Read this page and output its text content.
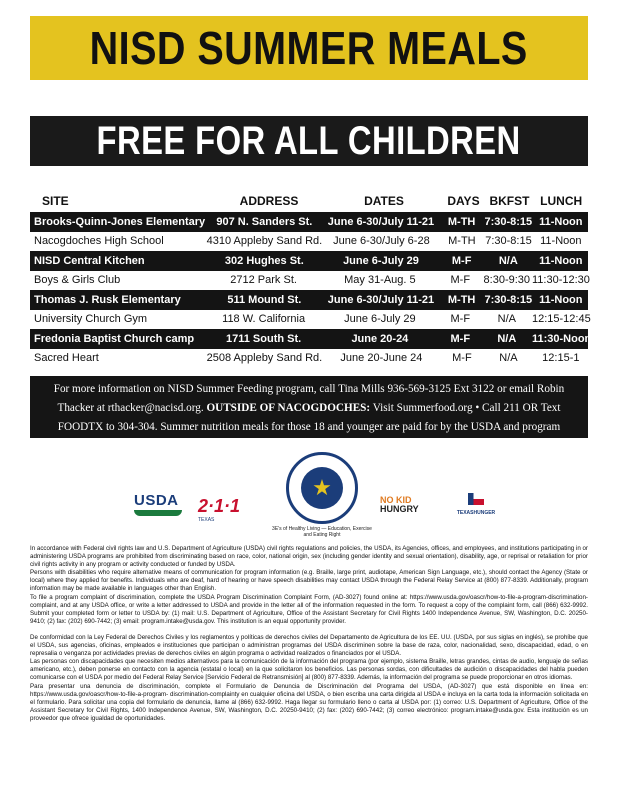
NISD SUMMER MEALS
FREE FOR ALL CHILDREN
SITE	ADDRESS	DATES	DAYS BKFST LUNCH
Brooks-Quinn-Jones Elementary	907 N. Sanders St.	June 6-30/July 11-21	M-TH 7:30-8:15 11-Noon
Nacogdoches High School	4310 Appleby Sand Rd. June 6-30/July 6-28	M-TH 7:30-8:15 11-Noon
NISD Central Kitchen	302 Hughes St.	June 6-July 29	M-F	N/A	11-Noon
Boys & Girls Club	2712 Park St.	May 31-Aug. 5	M-F	8:30-9:30 11:30-12:30
Thomas J. Rusk Elementary	511 Mound St.	June 6-30/July 11-21	M-TH 7:30-8:15 11-Noon
University Church Gym	118 W. California	June 6-July 29	M-F	N/A	12:15-12:45
Fredonia Baptist Church camp	1711 South St.	June 20-24	M-F	N/A	11:30-Noon
Sacred Heart	2508 Appleby Sand Rd.	June 20-June 24	M-F	N/A	12:15-1
For more information on NISD Summer Feeding program, call Tina Mills 936-569-3125 Ext 3122 or email Robin Thacker at rthacker@nacisd.org. OUTSIDE OF NACOGDOCHES: Visit Summerfood.org • Call 211 OR Text FOODTX to 304-304. Summer nutrition meals for those 18 and younger are paid for by the USDA and program sponsors.
USDA 2·1·1
TEXAS
★
3E's of Healthy Living — Education, Exercise and Eating Right
NO KID
HUNGRY	TEXASHUNGER

In accordance with Federal civil rights law and U.S. Department of Agriculture (USDA) civil rights regulations and policies, the USDA, its Agencies, offices, and employees, and institutions participating in or administering USDA programs are prohibited from discriminating based on race, color, national origin, sex (including gender identity and sexual orientation), disability, age, or reprisal or retaliation for prior civil rights activity in any program or activity conducted or funded by USDA.

Persons with disabilities who require alternative means of communication for program information (e.g. Braille, large print, audiotape, American Sign Language, etc.), should contact the Agency (State or local) where they applied for benefits. Individuals who are deaf, hard of hearing or have speech disabilities may contact USDA through the Federal Relay Service at (800) 877-8339. Additionally, program information may be made available in languages other than English.

To file a program complaint of discrimination, complete the USDA Program Discrimination Complaint Form, (AD-3027) found online at: https://www.usda.gov/oascr/how-to-file-a-program-discrimination-complaint, and at any USDA office, or write a letter addressed to USDA and provide in the letter all of the information requested in the form. To request a copy of the complaint form, call (866) 632-9992. Submit your completed form or letter to USDA by: (1) mail: U.S. Department of Agriculture, Office of the Assistant Secretary for Civil Rights 1400 Independence Avenue, SW, Washington, D.C. 20250-9410; (2) fax: (202) 690-7442; (3) email: program.intake@usda.gov. This institution is an equal opportunity provider.

De conformidad con la Ley Federal de Derechos Civiles y los reglamentos y políticas de derechos civiles del Departamento de Agricultura de los EE. UU. (USDA, por sus siglas en inglés), se prohíbe que el USDA, sus agencias, oficinas, empleados e instituciones que participan o administran programas del USDA discriminen sobre la base de raza, color, nacionalidad, sexo, discapacidad, edad, o en represalia o venganza por actividades previas de derechos civiles en algún programa o actividad realizados o financiados por el USDA.

Las personas con discapacidades que necesiten medios alternativos para la comunicación de la información del programa (por ejemplo, sistema Braille, letras grandes, cintas de audio, lenguaje de señas americano, etc.), deben ponerse en contacto con la agencia (estatal o local) en la que solicitaron los beneficios. Las personas sordas, con dificultades de audición o discapacidades del habla pueden comunicarse con el USDA por medio del Federal Relay Service [Servicio Federal de Retransmisión] al (800) 877-8339. Además, la información del programa se puede proporcionar en otros idiomas.

Para presentar una denuncia de discriminación, complete el Formulario de Denuncia de Discriminación del Programa del USDA, (AD-3027) que está disponible en línea en: https://www.usda.gov/oascr/how-to-file-a-program- discrimination-complainty en cualquier oficina del USDA, o bien escriba una carta dirigida al USDA e incluya en la carta toda la información solicitada en el formulario. Para solicitar una copia del formulario de denuncia, llame al (866) 632-9992. Haga llegar su formulario lleno o carta al USDA por: (1) correo: U.S. Department of Agriculture, Office of the Assistant Secretary for Civil Rights, 1400 Independence Avenue, SW, Washington, D.C. 20250-9410; (2) fax: (202) 690-7442; (3) correo electrónico: program.intake@usda.gov. Esta institución es un proveedor que ofrece igualdad de oportunidades.
